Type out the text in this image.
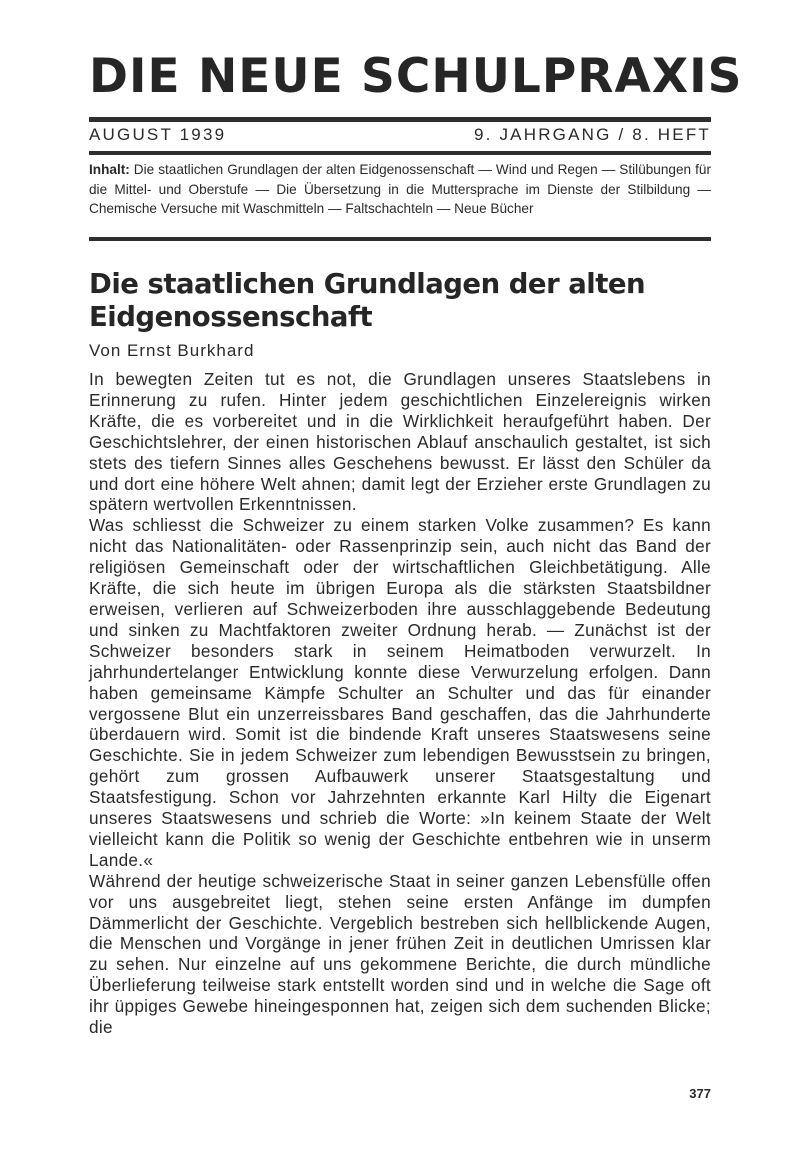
DIE NEUE SCHULPRAXIS
AUGUST 1939	9. JAHRGANG / 8. HEFT
Inhalt: Die staatlichen Grundlagen der alten Eidgenossenschaft — Wind und Regen — Stilübungen für die Mittel- und Oberstufe — Die Übersetzung in die Muttersprache im Dienste der Stilbildung — Chemische Versuche mit Waschmitteln — Faltschachteln — Neue Bücher
Die staatlichen Grundlagen der alten Eidgenossenschaft
Von Ernst Burkhard

In bewegten Zeiten tut es not, die Grundlagen unseres Staatslebens in Erinnerung zu rufen. Hinter jedem geschichtlichen Einzelereignis wirken Kräfte, die es vorbereitet und in die Wirklichkeit heraufgeführt haben. Der Geschichtslehrer, der einen historischen Ablauf anschaulich gestaltet, ist sich stets des tiefern Sinnes alles Geschehens bewusst. Er lässt den Schüler da und dort eine höhere Welt ahnen; damit legt der Erzieher erste Grundlagen zu spätern wertvollen Erkenntnissen.

Was schliesst die Schweizer zu einem starken Volke zusammen? Es kann nicht das Nationalitäten- oder Rassenprinzip sein, auch nicht das Band der religiösen Gemeinschaft oder der wirtschaftlichen Gleichbetätigung. Alle Kräfte, die sich heute im übrigen Europa als die stärksten Staatsbildner erweisen, verlieren auf Schweizerboden ihre ausschlaggebende Bedeutung und sinken zu Machtfaktoren zweiter Ordnung herab. — Zunächst ist der Schweizer besonders stark in seinem Heimatboden verwurzelt. In jahrhundertelanger Entwicklung konnte diese Verwurzelung erfolgen. Dann haben gemeinsame Kämpfe Schulter an Schulter und das für einander vergossene Blut ein unzerreissbares Band geschaffen, das die Jahrhunderte überdauern wird. Somit ist die bindende Kraft unseres Staatswesens seine Geschichte. Sie in jedem Schweizer zum lebendigen Bewusstsein zu bringen, gehört zum grossen Aufbauwerk unserer Staatsgestaltung und Staatsfestigung. Schon vor Jahrzehnten erkannte Karl Hilty die Eigenart unseres Staatswesens und schrieb die Worte: »In keinem Staate der Welt vielleicht kann die Politik so wenig der Geschichte entbehren wie in unserm Lande.«

Während der heutige schweizerische Staat in seiner ganzen Lebensfülle offen vor uns ausgebreitet liegt, stehen seine ersten Anfänge im dumpfen Dämmerlicht der Geschichte. Vergeblich bestreben sich hellblickende Augen, die Menschen und Vorgänge in jener frühen Zeit in deutlichen Umrissen klar zu sehen. Nur einzelne auf uns gekommene Berichte, die durch mündliche Überlieferung teilweise stark entstellt worden sind und in welche die Sage oft ihr üppiges Gewebe hineingesponnen hat, zeigen sich dem suchenden Blicke; die

377
